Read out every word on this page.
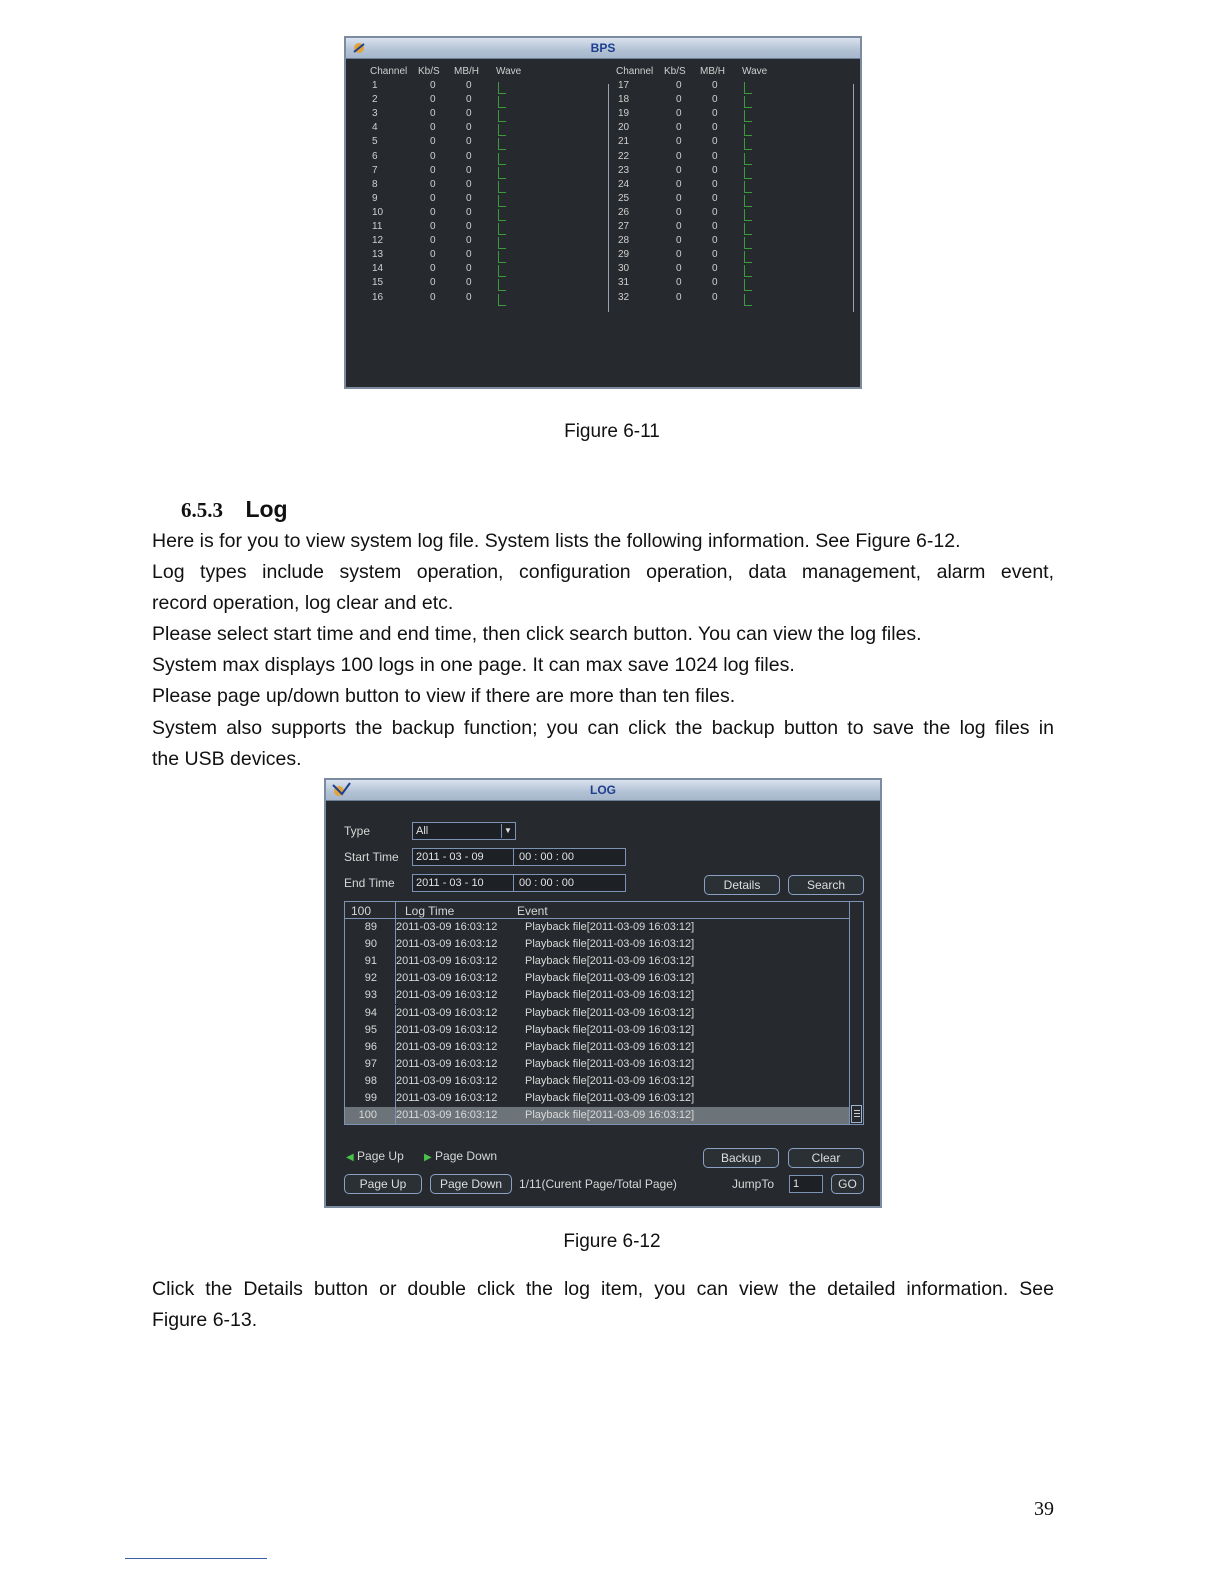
BPS
Channel Kb/S MB/H Wave
1	0	0
2	0	0
3	0	0
4	0	0
5	0	0
6	0	0
7	0	0
8	0	0
9	0	0
10	0	0
11	0	0
12	0	0
13	0	0
14	0	0
15	0	0
16	0	0
Channel Kb/S MB/H Wave
17	0	0
18	0	0
19	0	0
20	0	0
21	0	0
22	0	0
23	0	0
24	0	0
25	0	0
26	0	0
27	0	0
28	0	0
29	0	0
30	0	0
31	0	0
32	0	0
Figure 6-11
6.5.3 Log
Here is for you to view system log file. System lists the following information. See Figure 6-12.
Log types include system operation, configuration operation, data management, alarm event,
record operation, log clear and etc.
Please select start time and end time, then click search button. You can view the log files.
System max displays 100 logs in one page. It can max save 1024 log files.
Please page up/down button to view if there are more than ten files.
System also supports the backup function; you can click the backup button to save the log files in
the USB devices.
LOG
Type	All	▼
Start Time 2011 - 03 - 09	00 : 00 : 00
End Time 2011 - 03 - 10	00 : 00 : 00	Details	Search
100	Log Time	Event
89 2011-03-09 16:03:12	Playback file[2011-03-09 16:03:12]
90 2011-03-09 16:03:12	Playback file[2011-03-09 16:03:12]
91 2011-03-09 16:03:12	Playback file[2011-03-09 16:03:12]
92 2011-03-09 16:03:12	Playback file[2011-03-09 16:03:12]
93 2011-03-09 16:03:12	Playback file[2011-03-09 16:03:12]
94 2011-03-09 16:03:12	Playback file[2011-03-09 16:03:12]
95 2011-03-09 16:03:12	Playback file[2011-03-09 16:03:12]
96 2011-03-09 16:03:12	Playback file[2011-03-09 16:03:12]
97 2011-03-09 16:03:12	Playback file[2011-03-09 16:03:12]
98 2011-03-09 16:03:12	Playback file[2011-03-09 16:03:12]
99 2011-03-09 16:03:12	Playback file[2011-03-09 16:03:12]
100 2011-03-09 16:03:12	Playback file[2011-03-09 16:03:12]
◀ Page Up ▶ Page Down	Backup	Clear
Page Up	Page Down	1/11(Curent Page/Total Page)	JumpTo	1	GO
Figure 6-12
Click the Details button or double click the log item, you can view the detailed information. See
Figure 6-13.
39
